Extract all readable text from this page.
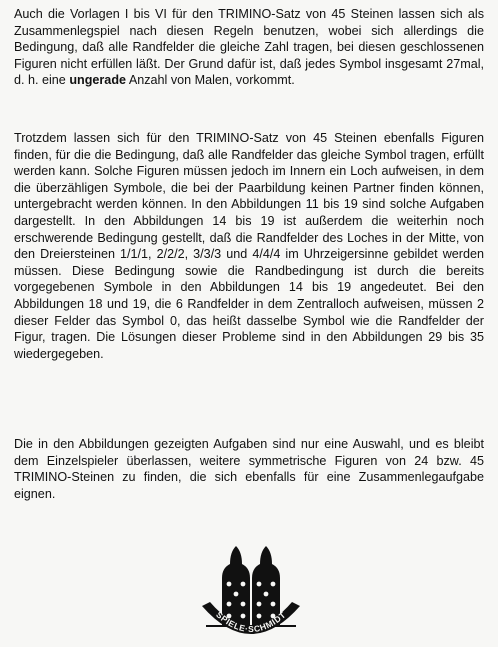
Auch die Vorlagen I bis VI für den TRIMINO-Satz von 45 Steinen lassen sich als Zusammenlegspiel nach diesen Regeln benutzen, wobei sich allerdings die Bedingung, daß alle Randfelder die gleiche Zahl tragen, bei diesen geschlossenen Figuren nicht erfüllen läßt. Der Grund dafür ist, daß jedes Symbol insgesamt 27mal, d. h. eine ungerade Anzahl von Malen, vorkommt.

Trotzdem lassen sich für den TRIMINO-Satz von 45 Steinen ebenfalls Figuren finden, für die die Bedingung, daß alle Randfelder das gleiche Symbol tragen, erfüllt werden kann. Solche Figuren müssen jedoch im Innern ein Loch aufweisen, in dem die überzähligen Symbole, die bei der Paarbildung keinen Partner finden können, untergebracht werden können. In den Abbildungen 11 bis 19 sind solche Aufgaben dargestellt. In den Abbildungen 14 bis 19 ist außerdem die weiterhin noch erschwerende Bedingung gestellt, daß die Randfelder des Loches in der Mitte, von den Dreiersteinen 1/1/1, 2/2/2, 3/3/3 und 4/4/4 im Uhrzeigersinne gebildet werden müssen. Diese Bedingung sowie die Randbedingung ist durch die bereits vorgegebenen Symbole in den Abbildungen 14 bis 19 angedeutet. Bei den Abbildungen 18 und 19, die 6 Randfelder in dem Zentralloch aufweisen, müssen 2 dieser Felder das Symbol 0, das heißt dasselbe Symbol wie die Randfelder der Figur, tragen. Die Lösungen dieser Probleme sind in den Abbildungen 29 bis 35 wiedergegeben.

Die in den Abbildungen gezeigten Aufgaben sind nur eine Auswahl, und es bleibt dem Einzelspieler überlassen, weitere symmetrische Figuren von 24 bzw. 45 TRIMINO-Steinen zu finden, die sich ebenfalls für eine Zusammenlegaufgabe eignen.

SPIELE·SCHMIDT
